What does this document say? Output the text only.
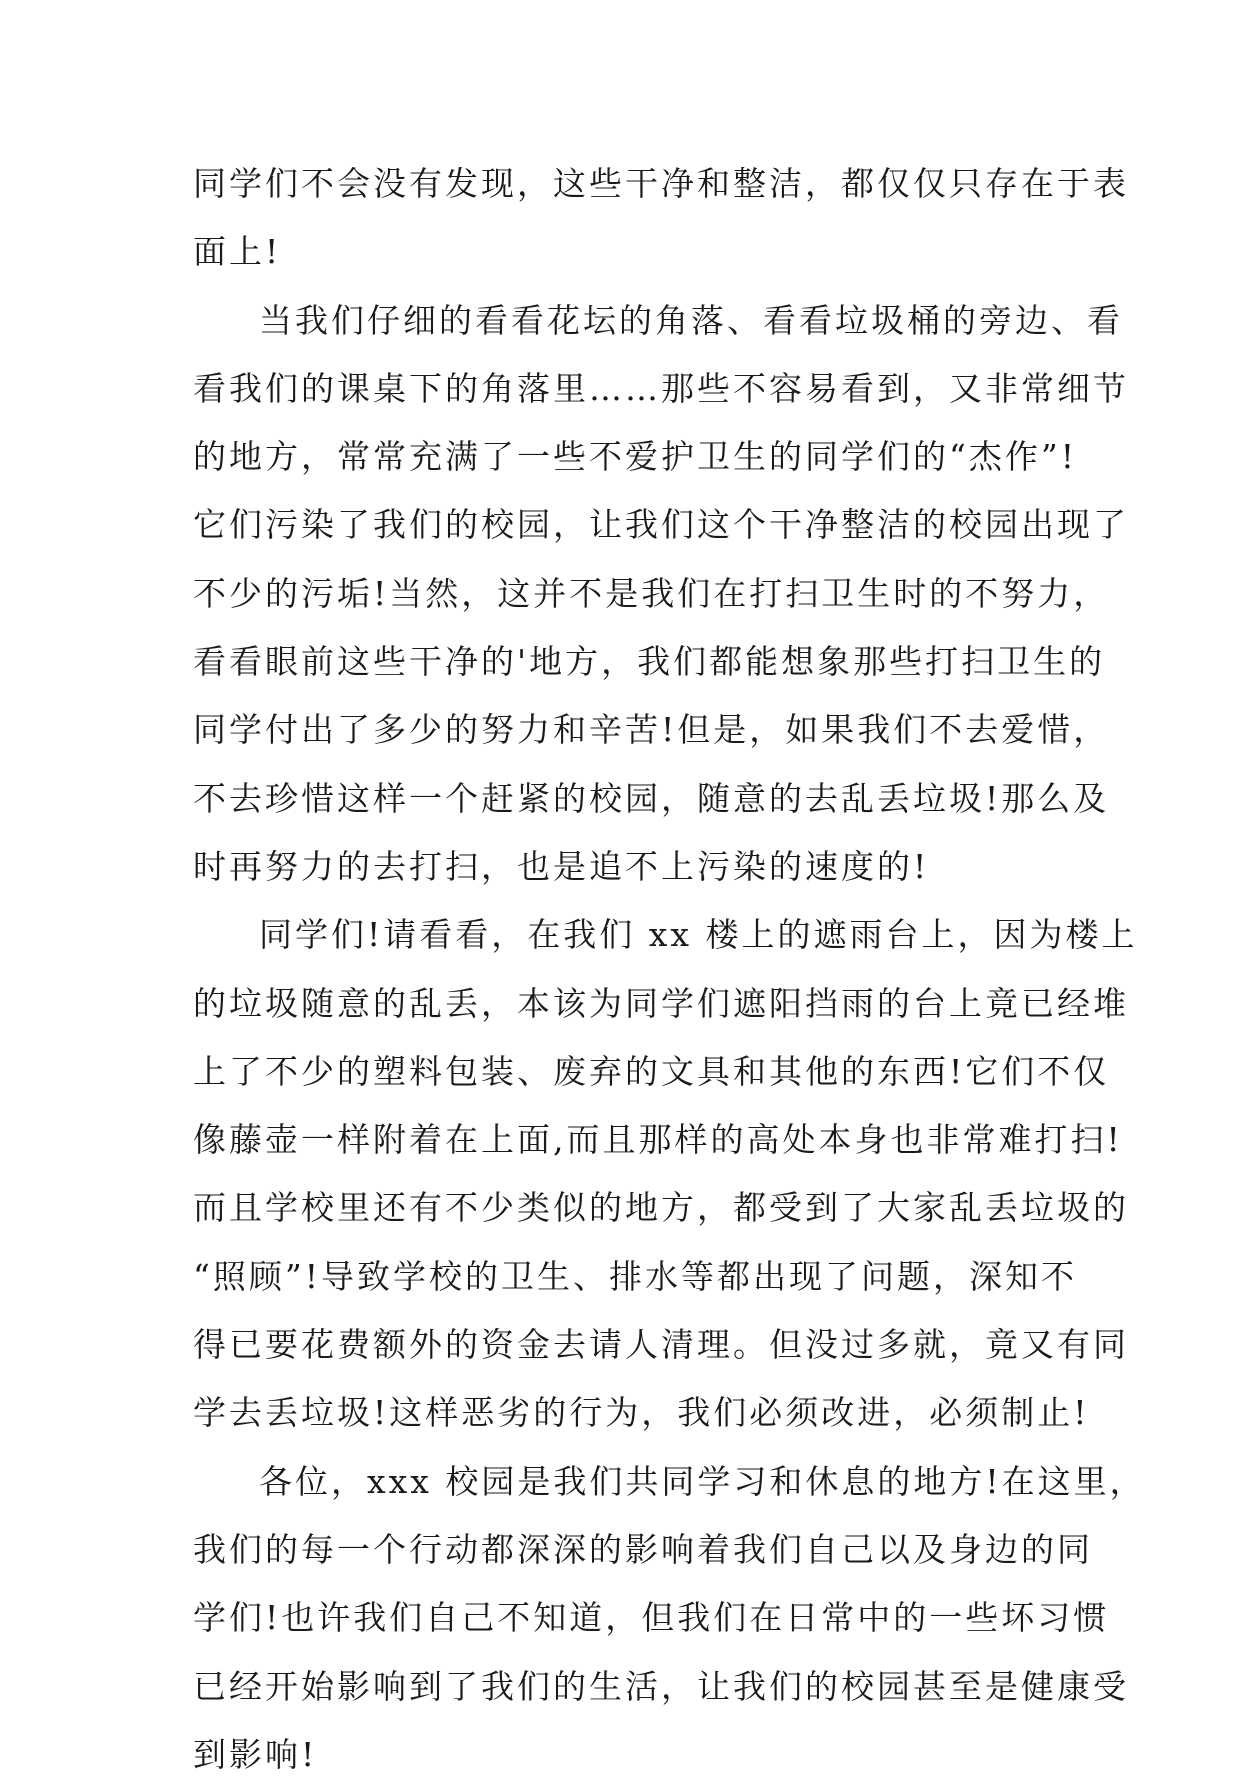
同学们不会没有发现，这些干净和整洁，都仅仅只存在于表
面上!
当我们仔细的看看花坛的角落、看看垃圾桶的旁边、看
看我们的课桌下的角落里……那些不容易看到，又非常细节
的地方，常常充满了一些不爱护卫生的同学们的“杰作”!
它们污染了我们的校园，让我们这个干净整洁的校园出现了
不少的污垢!当然，这并不是我们在打扫卫生时的不努力，
看看眼前这些干净的'地方，我们都能想象那些打扫卫生的
同学付出了多少的努力和辛苦!但是，如果我们不去爱惜，
不去珍惜这样一个赶紧的校园，随意的去乱丢垃圾!那么及
时再努力的去打扫，也是追不上污染的速度的!
同学们!请看看，在我们 xx 楼上的遮雨台上，因为楼上
的垃圾随意的乱丢，本该为同学们遮阳挡雨的台上竟已经堆
上了不少的塑料包装、废弃的文具和其他的东西!它们不仅
像藤壶一样附着在上面,而且那样的高处本身也非常难打扫!
而且学校里还有不少类似的地方，都受到了大家乱丢垃圾的
“照顾”!导致学校的卫生、排水等都出现了问题，深知不
得已要花费额外的资金去请人清理。但没过多就，竟又有同
学去丢垃圾!这样恶劣的行为，我们必须改进，必须制止!
各位，xxx 校园是我们共同学习和休息的地方!在这里，
我们的每一个行动都深深的影响着我们自己以及身边的同
学们!也许我们自己不知道，但我们在日常中的一些坏习惯
已经开始影响到了我们的生活，让我们的校园甚至是健康受
到影响!
